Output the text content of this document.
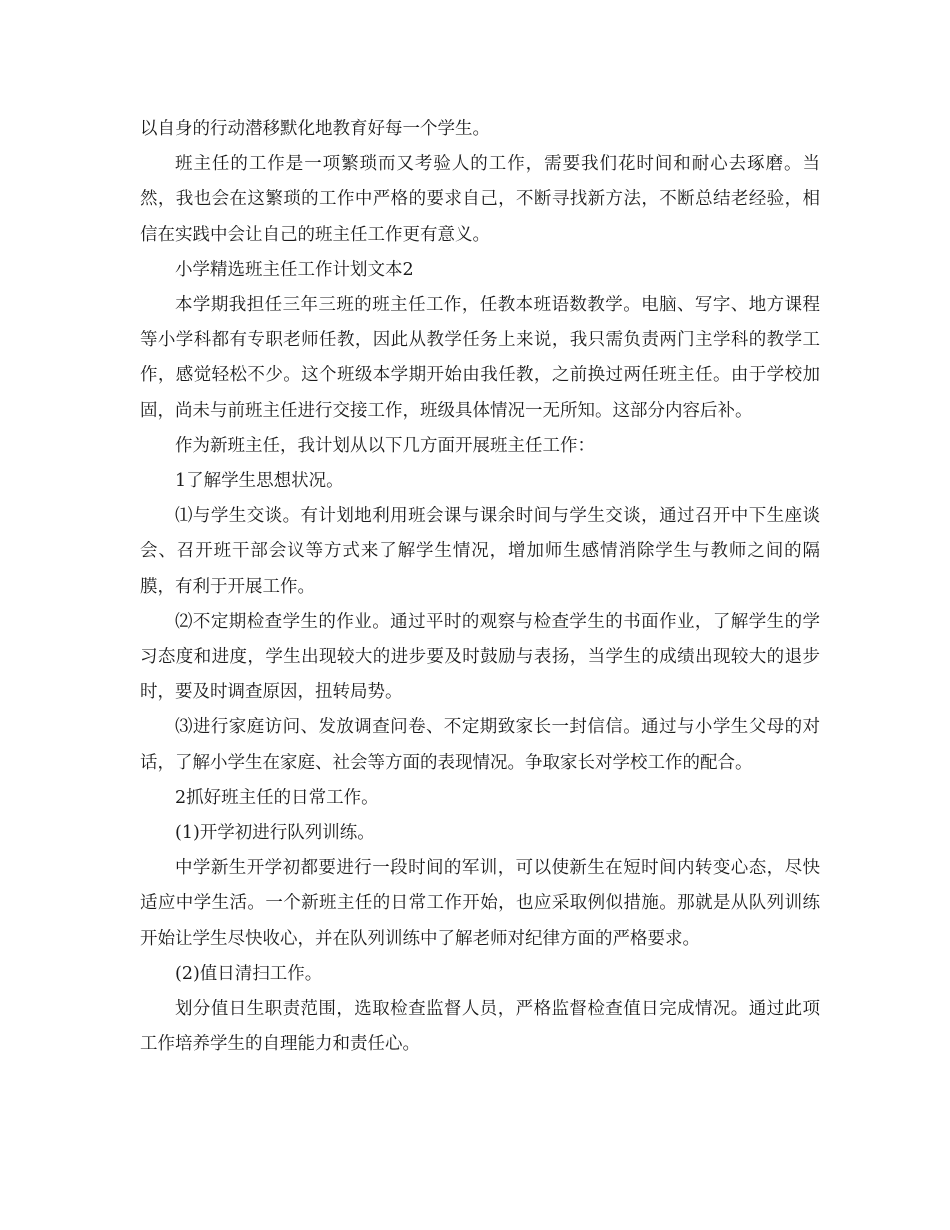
以自身的行动潜移默化地教育好每一个学生。

班主任的工作是一项繁琐而又考验人的工作，需要我们花时间和耐心去琢磨。当然，我也会在这繁琐的工作中严格的要求自己，不断寻找新方法，不断总结老经验，相信在实践中会让自己的班主任工作更有意义。

小学精选班主任工作计划文本2

本学期我担任三年三班的班主任工作，任教本班语数教学。电脑、写字、地方课程等小学科都有专职老师任教，因此从教学任务上来说，我只需负责两门主学科的教学工作，感觉轻松不少。这个班级本学期开始由我任教，之前换过两任班主任。由于学校加固，尚未与前班主任进行交接工作，班级具体情况一无所知。这部分内容后补。

作为新班主任，我计划从以下几方面开展班主任工作：

1了解学生思想状况。

⑴与学生交谈。有计划地利用班会课与课余时间与学生交谈，通过召开中下生座谈会、召开班干部会议等方式来了解学生情况，增加师生感情消除学生与教师之间的隔膜，有利于开展工作。

⑵不定期检查学生的作业。通过平时的观察与检查学生的书面作业，了解学生的学习态度和进度，学生出现较大的进步要及时鼓励与表扬，当学生的成绩出现较大的退步时，要及时调查原因，扭转局势。

⑶进行家庭访问、发放调查问卷、不定期致家长一封信信。通过与小学生父母的对话，了解小学生在家庭、社会等方面的表现情况。争取家长对学校工作的配合。

2抓好班主任的日常工作。

(1)开学初进行队列训练。

中学新生开学初都要进行一段时间的军训，可以使新生在短时间内转变心态，尽快适应中学生活。一个新班主任的日常工作开始，也应采取例似措施。那就是从队列训练开始让学生尽快收心，并在队列训练中了解老师对纪律方面的严格要求。

(2)值日清扫工作。

划分值日生职责范围，选取检查监督人员，严格监督检查值日完成情况。通过此项工作培养学生的自理能力和责任心。
